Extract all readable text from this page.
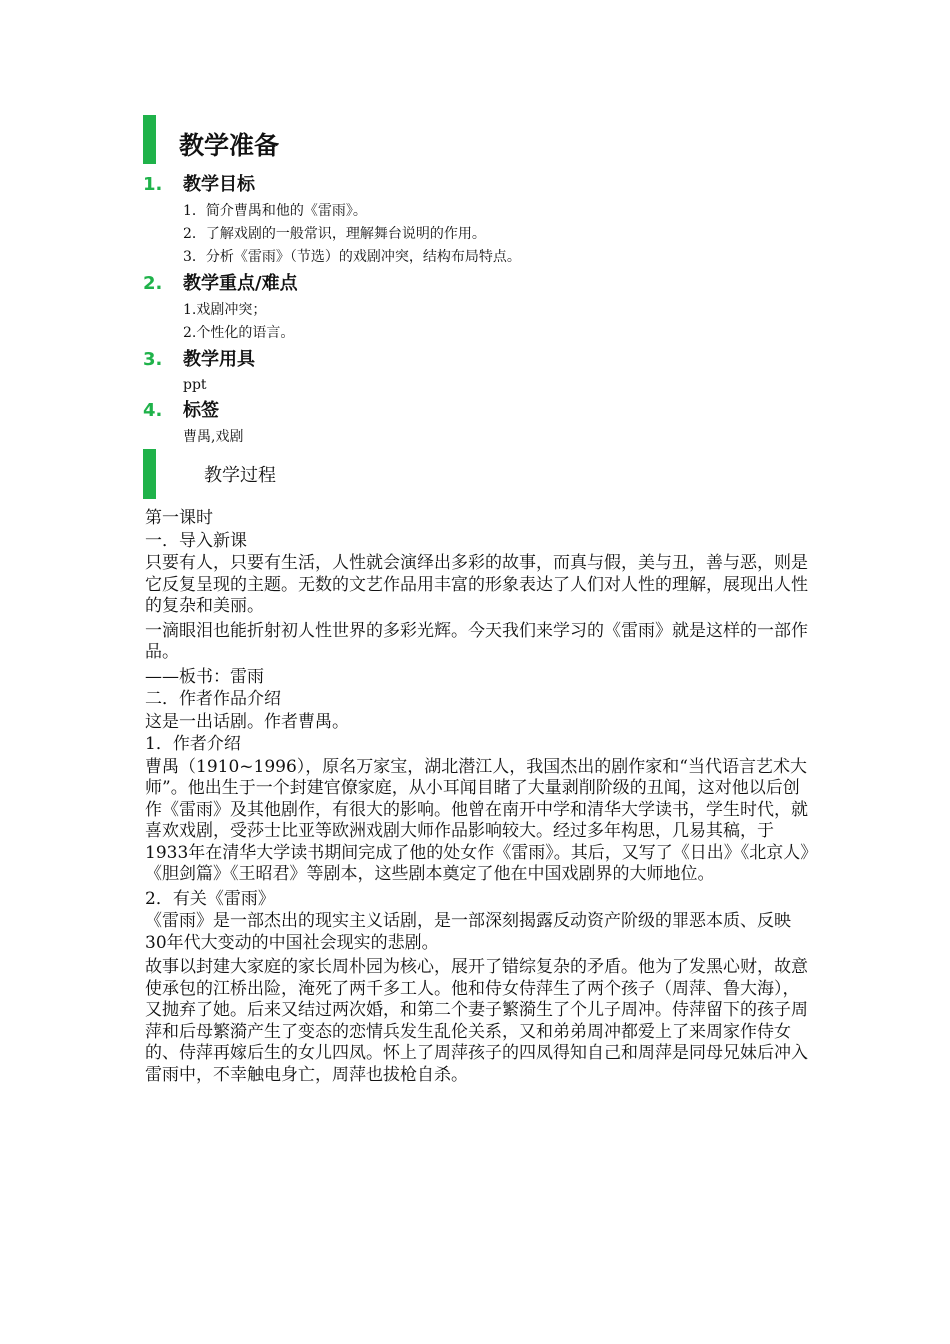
教学准备
1. 教学目标
1．简介曹禺和他的《雷雨》。
2．了解戏剧的一般常识，理解舞台说明的作用。
3．分析《雷雨》（节选）的戏剧冲突，结构布局特点。
2. 教学重点/难点
1.戏剧冲突；
2.个性化的语言。
3. 教学用具
ppt
4. 标签
曹禺,戏剧
教学过程

第一课时

一．导入新课

只要有人，只要有生活，人性就会演绎出多彩的故事，而真与假，美与丑，善与恶，则是它反复呈现的主题。无数的文艺作品用丰富的形象表达了人们对人性的理解，展现出人性的复杂和美丽。

一滴眼泪也能折射初人性世界的多彩光辉。今天我们来学习的《雷雨》就是这样的一部作品。

——板书：雷雨

二．作者作品介绍

这是一出话剧。作者曹禺。

1．作者介绍

曹禺（1910~1996），原名万家宝，湖北潜江人，我国杰出的剧作家和“当代语言艺术大师”。他出生于一个封建官僚家庭，从小耳闻目睹了大量剥削阶级的丑闻，这对他以后创作《雷雨》及其他剧作，有很大的影响。他曾在南开中学和清华大学读书，学生时代，就喜欢戏剧，受莎士比亚等欧洲戏剧大师作品影响较大。经过多年构思，几易其稿，于1933年在清华大学读书期间完成了他的处女作《雷雨》。其后，又写了《日出》《北京人》《胆剑篇》《王昭君》等剧本，这些剧本奠定了他在中国戏剧界的大师地位。

2．有关《雷雨》

《雷雨》是一部杰出的现实主义话剧，是一部深刻揭露反动资产阶级的罪恶本质、反映30年代大变动的中国社会现实的悲剧。

故事以封建大家庭的家长周朴园为核心，展开了错综复杂的矛盾。他为了发黑心财，故意使承包的江桥出险，淹死了两千多工人。他和侍女侍萍生了两个孩子（周萍、鲁大海），又抛弃了她。后来又结过两次婚，和第二个妻子繁漪生了个儿子周冲。侍萍留下的孩子周萍和后母繁漪产生了变态的恋情兵发生乱伦关系，又和弟弟周冲都爱上了来周家作侍女的、侍萍再嫁后生的女儿四凤。怀上了周萍孩子的四凤得知自己和周萍是同母兄妹后冲入雷雨中，不幸触电身亡，周萍也拔枪自杀。
